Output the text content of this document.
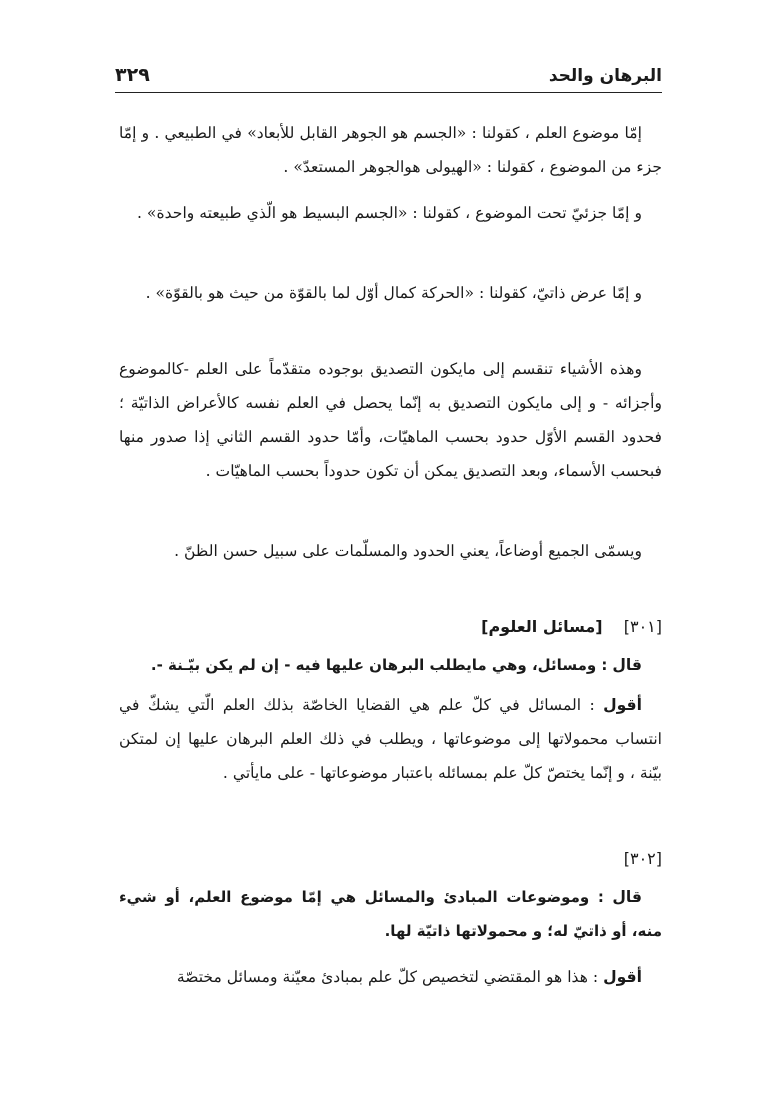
البرهان والحد
٣٢٩

إمّا موضوع العلم ، كقولنا : «الجسم هو الجوهر القابل للأبعاد» في الطبيعي . و إمّا جزء من الموضوع ، كقولنا : «الهيولى هوالجوهر المستعدّ» .

و إمّا جزئيّ تحت الموضوع ، كقولنا : «الجسم البسيط هو الّذي طبيعته واحدة» .

و إمّا عرض ذاتيّ، كقولنا : «الحركة كمال أوّل لما بالقوّة من حيث هو بالقوّة» .

وهذه الأشياء تنقسم إلى مايكون التصديق بوجوده متقدّماً على العلم -كالموضوع وأجزائه - و إلى مايكون التصديق به إنّما يحصل في العلم نفسه كالأعراض الذاتيّة ؛ فحدود القسم الأوّل حدود بحسب الماهيّات، وأمّا حدود القسم الثاني إذا صدور منها فبحسب الأسماء، وبعد التصديق يمكن أن تكون حدوداً بحسب الماهيّات .

ويسمّى الجميع أوضاعاً، يعني الحدود والمسلّمات على سبيل حسن الظنّ .

[٣٠١] [مسائل العلوم]

قال : ومسائل، وهي مايطلب البرهان عليها فيه - إن لم يكن بيّـنة -.

أقول : المسائل في كلّ علم هي القضايا الخاصّة بذلك العلم الّتي يشكّ في انتساب محمولاتها إلى موضوعاتها ، ويطلب في ذلك العلم البرهان عليها إن لمتكن بيّنة ، و إنّما يختصّ كلّ علم بمسائله باعتبار موضوعاتها - على مايأتي .

[٣٠٢]

قال : وموضوعات المبادئ والمسائل هي إمّا موضوع العلم، أو شيء منه، أو ذاتيّ له؛ و محمولاتها ذاتيّة لها.

أقول : هذا هو المقتضي لتخصيص كلّ علم بمبادئ معيّنة ومسائل مختصّة
